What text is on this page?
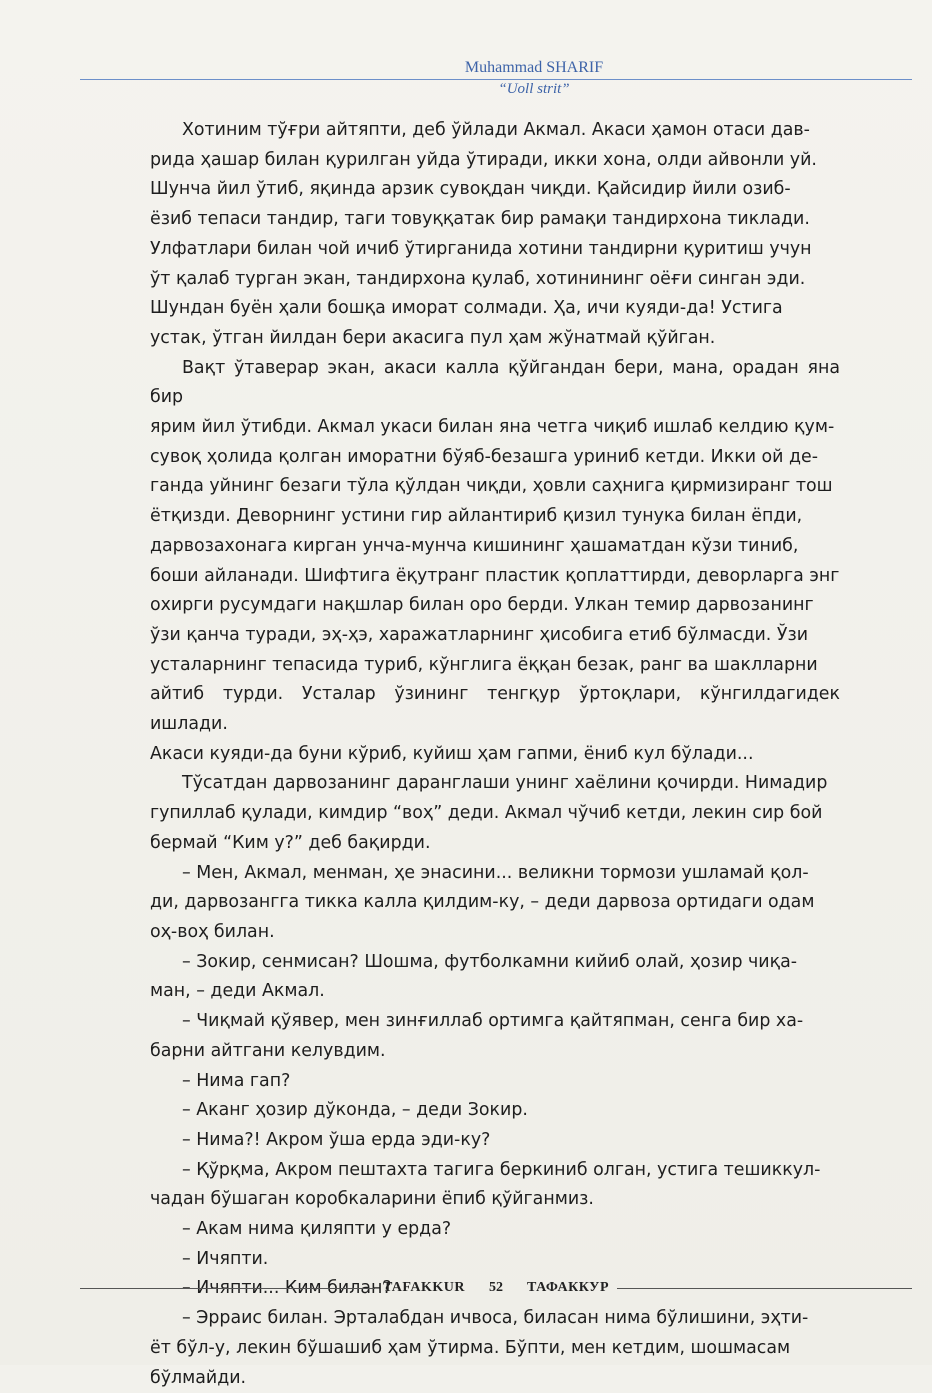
Muhammad SHARIF
“Uoll strit”

Хотиним тўғри айтяпти, деб ўйлади Акмал. Акаси ҳамон отаси дав-
рида ҳашар билан қурилган уйда ўтиради, икки хона, олди айвонли уй.
Шунча йил ўтиб, яқинда арзик сувоқдан чиқди. Қайсидир йили озиб-
ёзиб тепаси тандир, таги товуққатак бир рамақи тандирхона тиклади.
Улфатлари билан чой ичиб ўтирганида хотини тандирни қуритиш учун
ўт қалаб турган экан, тандирхона қулаб, хотинининг оёғи синган эди.
Шундан буён ҳали бошқа иморат солмади. Ҳа, ичи куяди-да! Устига
устак, ўтган йилдан бери акасига пул ҳам жўнатмай қўйган.

Вақт ўтаверар экан, акаси калла қўйгандан бери, мана, орадан яна бир
ярим йил ўтибди. Акмал укаси билан яна четга чиқиб ишлаб келдию қум-
сувоқ ҳолида қолган иморатни бўяб-безашга уриниб кетди. Икки ой де-
ганда уйнинг безаги тўла қўлдан чиқди, ҳовли саҳнига қирмизиранг тош
ётқизди. Деворнинг устини гир айлантириб қизил тунука билан ёпди,
дарвозахонага кирган унча-мунча кишининг ҳашаматдан кўзи тиниб,
боши айланади. Шифтига ёқутранг пластик қоплаттирди, деворларга энг
охирги русумдаги нақшлар билан оро берди. Улкан темир дарвозанинг
ўзи қанча туради, эҳ-ҳэ, харажатларнинг ҳисобига етиб бўлмасди. Ўзи
усталарнинг тепасида туриб, кўнглига ёққан безак, ранг ва шаклларни
айтиб турди. Усталар ўзининг тенгқур ўртоқлари, кўнгилдагидек ишлади.
Акаси куяди-да буни кўриб, куйиш ҳам гапми, ёниб кул бўлади...

Тўсатдан дарвозанинг даранглаши унинг хаёлини қочирди. Нимадир
гупиллаб қулади, кимдир “воҳ” деди. Акмал чўчиб кетди, лекин сир бой
бермай “Ким у?” деб бақирди.

– Мен, Акмал, менман, ҳе энасини... великни тормози ушламай қол-
ди, дарвозангга тикка калла қилдим-ку, – деди дарвоза ортидаги одам
оҳ-воҳ билан.

– Зокир, сенмисан? Шошма, футболкамни кийиб олай, ҳозир чиқа-
ман, – деди Акмал.

– Чиқмай қўявер, мен зинғиллаб ортимга қайтяпман, сенга бир ха-
барни айтгани келувдим.

– Нима гап?

– Аканг ҳозир дўконда, – деди Зокир.

– Нима?! Акром ўша ерда эди-ку?

– Қўрқма, Акром пештахта тагига беркиниб олган, устига тешиккул-
чадан бўшаган коробкаларини ёпиб қўйганмиз.

– Акам нима қиляпти у ерда?

– Ичяпти.

– Ичяпти... Ким билан?

– Эрраис билан. Эрталабдан ичвоса, биласан нима бўлишини, эҳти-
ёт бўл-у, лекин бўшашиб ҳам ўтирма. Бўпти, мен кетдим, шошмасам
бўлмайди.

TAFAKKUR	52	ТАФАККУР
